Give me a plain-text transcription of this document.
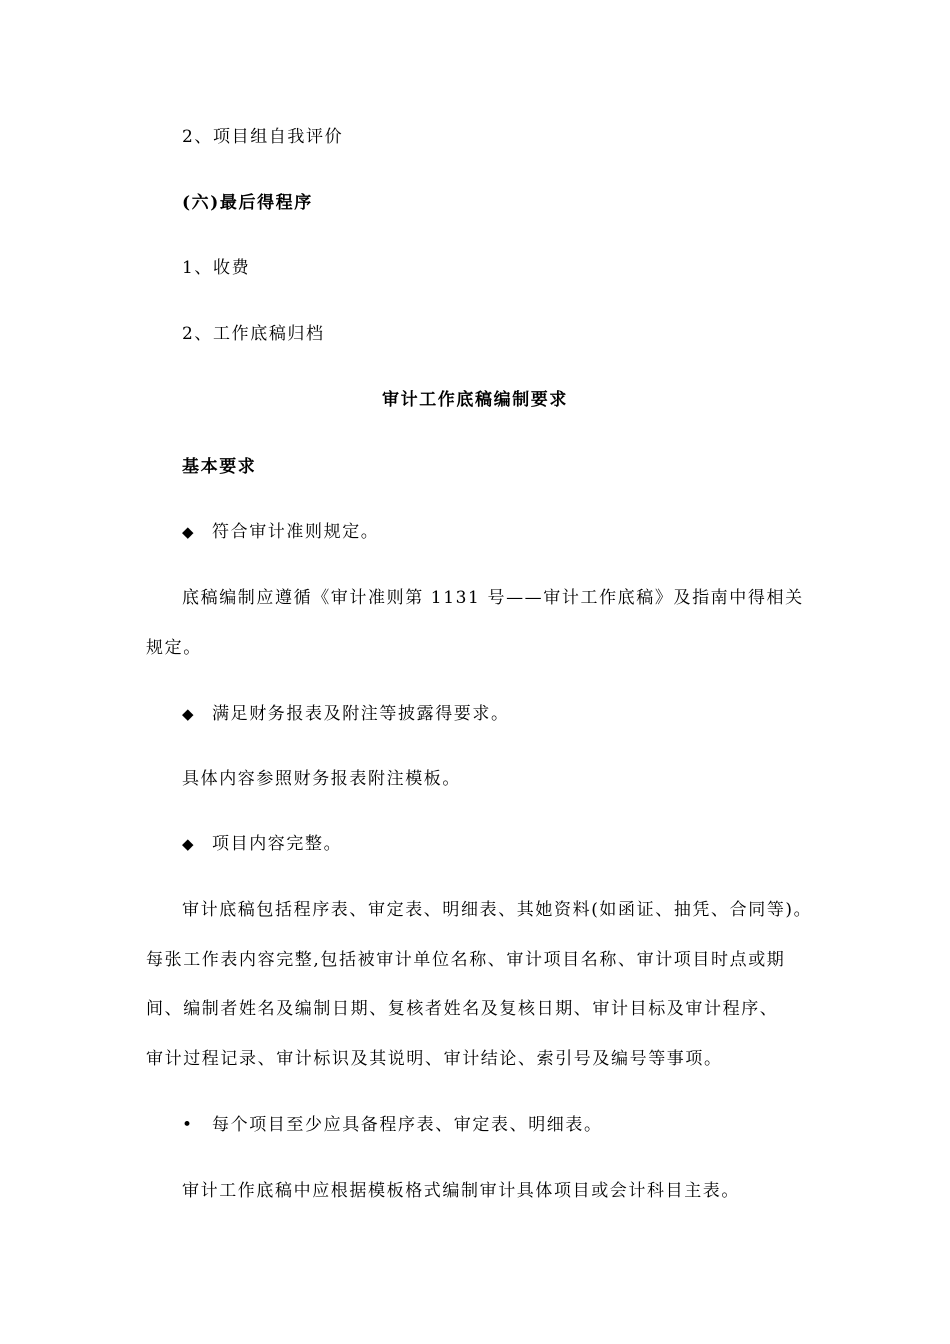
2、项目组自我评价
(六)最后得程序
1、收费
2、工作底稿归档
审计工作底稿编制要求
基本要求
◆ 符合审计准则规定。
底稿编制应遵循《审计准则第 1131 号——审计工作底稿》及指南中得相关
规定。
◆ 满足财务报表及附注等披露得要求。
具体内容参照财务报表附注模板。
◆ 项目内容完整。
审计底稿包括程序表、审定表、明细表、其她资料(如函证、抽凭、合同等)。
每张工作表内容完整,包括被审计单位名称、审计项目名称、审计项目时点或期
间、编制者姓名及编制日期、复核者姓名及复核日期、审计目标及审计程序、
审计过程记录、审计标识及其说明、审计结论、索引号及编号等事项。
• 每个项目至少应具备程序表、审定表、明细表。
审计工作底稿中应根据模板格式编制审计具体项目或会计科目主表。
